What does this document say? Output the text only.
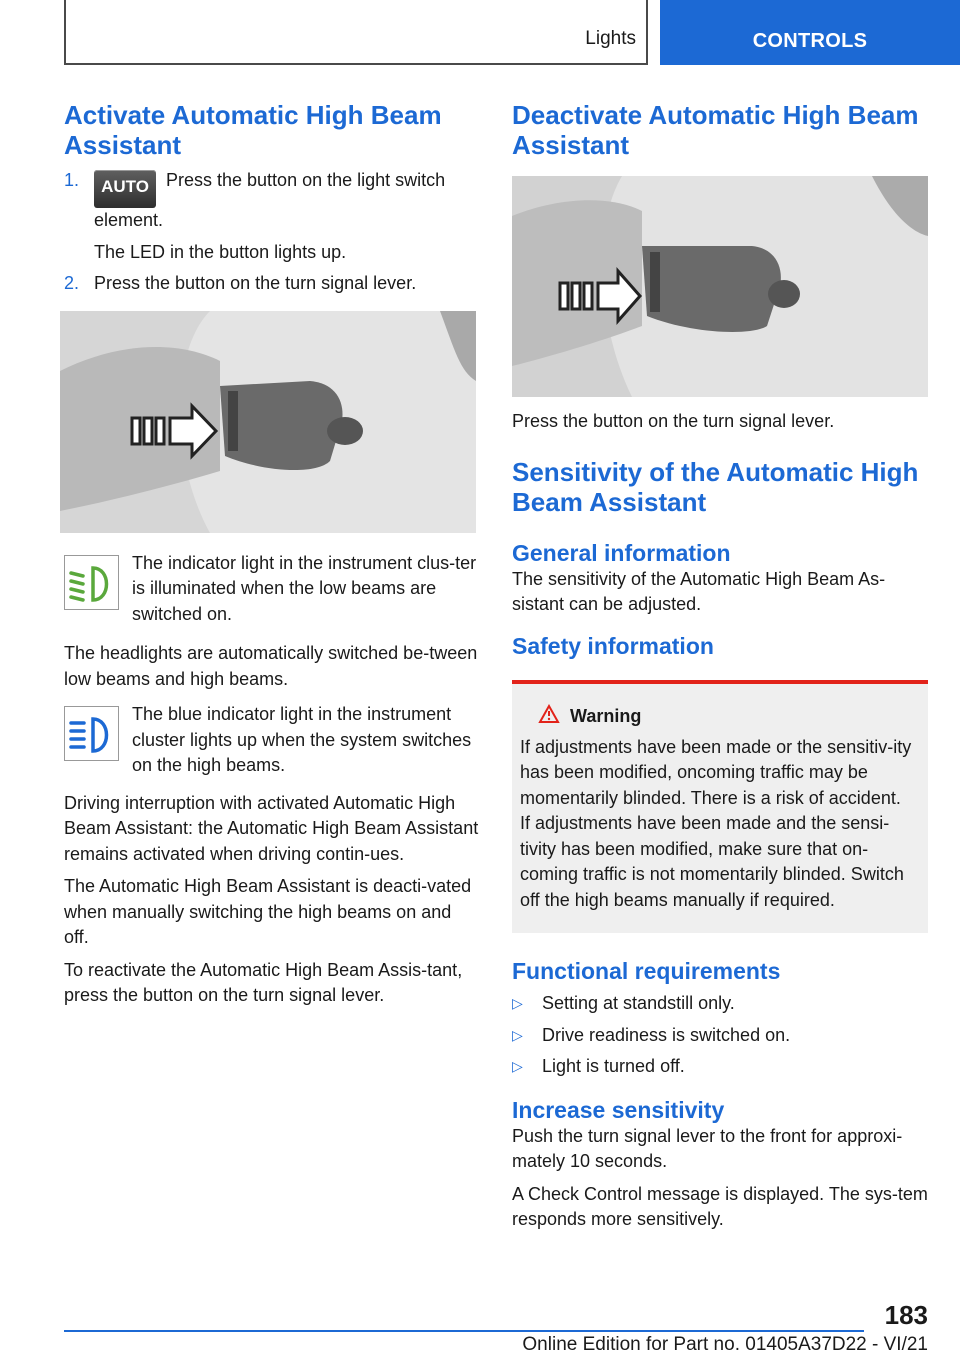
Lights	CONTROLS
Activate Automatic High Beam Assistant
1. AUTO Press the button on the light switch element.
The LED in the button lights up.
2. Press the button on the turn signal lever.
The indicator light in the instrument clus-ter is illuminated when the low beams are switched on.

The headlights are automatically switched be-tween low beams and high beams.

The blue indicator light in the instrument cluster lights up when the system switches on the high beams.

Driving interruption with activated Automatic High Beam Assistant: the Automatic High Beam Assistant remains activated when driving contin-ues.

The Automatic High Beam Assistant is deacti-vated when manually switching the high beams on and off.

To reactivate the Automatic High Beam Assis-tant, press the button on the turn signal lever.

Deactivate Automatic High Beam Assistant

Press the button on the turn signal lever.

Sensitivity of the Automatic High Beam Assistant
General information

The sensitivity of the Automatic High Beam As-sistant can be adjusted.

Safety information
Warning

If adjustments have been made or the sensitiv-ity has been modified, oncoming traffic may be momentarily blinded. There is a risk of accident.

If adjustments have been made and the sensi-tivity has been modified, make sure that on-coming traffic is not momentarily blinded. Switch off the high beams manually if required.

Functional requirements
▷ Setting at standstill only.
▷ Drive readiness is switched on.
▷ Light is turned off.
Increase sensitivity

Push the turn signal lever to the front for approxi-mately 10 seconds.

A Check Control message is displayed. The sys-tem responds more sensitively.

183
Online Edition for Part no. 01405A37D22 - VI/21
